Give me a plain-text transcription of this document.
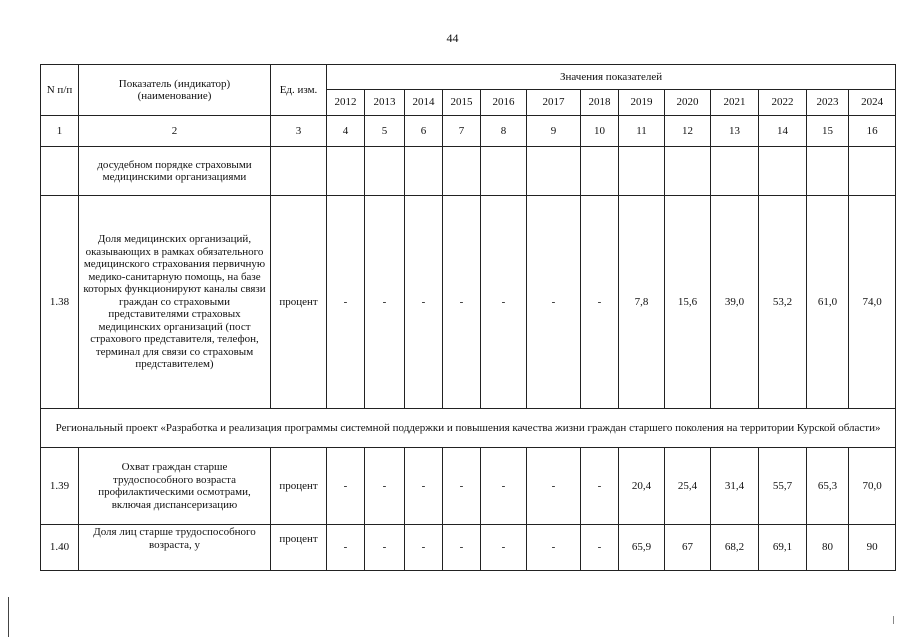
44
N п/п	Показатель (индикатор) (наименование)	Ед. изм.	Значения показателей												
			2012	2013	2014	2015	2016	2017	2018	2019	2020	2021	2022	2023	2024
1	2	3	4	5	6	7	8	9	10	11	12	13	14	15	16
	досудебном порядке страховыми медицинскими организациями														
1.38	Доля медицинских организаций, оказывающих в рамках обязательного медицинского страхования первичную медико-санитарную помощь, на базе которых функционируют каналы связи граждан со страховыми представителями страховых медицинских организаций (пост страхового представителя, телефон, терминал для связи со страховым представителем)	процент	-	-	-	-	-	-	-	7,8	15,6	39,0	53,2	61,0	74,0
Региональный проект «Разработка и реализация программы системной поддержки и повышения качества жизни граждан старшего поколения на территории Курской области»															
1.39	Охват граждан старше трудоспособного возраста профилактическими осмотрами, включая диспансеризацию	процент	-	-	-	-	-	-	-	20,4	25,4	31,4	55,7	65,3	70,0
1.40	Доля лиц старше трудоспособного возраста, у	процент	-	-	-	-	-	-	-	65,9	67	68,2	69,1	80	90
